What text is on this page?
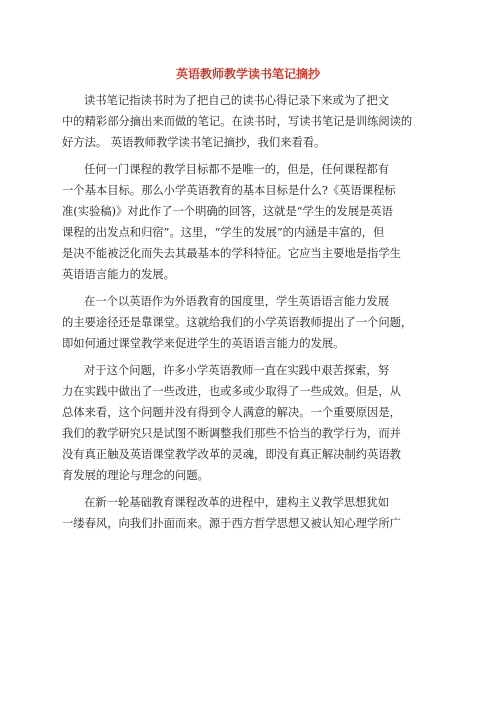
英语教师教学读书笔记摘抄
读书笔记指读书时为了把自己的读书心得记录下来或为了把文
中的精彩部分摘出来而做的笔记。在读书时，写读书笔记是训练阅读的
好方法。 英语教师教学读书笔记摘抄，我们来看看。
任何一门课程的教学目标都不是唯一的，但是，任何课程都有
一个基本目标。那么小学英语教育的基本目标是什么?《英语课程标
准(实验稿)》对此作了一个明确的回答，这就是“学生的发展是英语
课程的出发点和归宿”。这里，“学生的发展”的内涵是丰富的，但
是决不能被泛化而失去其最基本的学科特征。它应当主要地是指学生
英语语言能力的发展。
在一个以英语作为外语教育的国度里，学生英语语言能力发展
的主要途径还是靠课堂。这就给我们的小学英语教师提出了一个问题，
即如何通过课堂教学来促进学生的英语语言能力的发展。
对于这个问题，许多小学英语教师一直在实践中艰苦探索，努
力在实践中做出了一些改进，也或多或少取得了一些成效。但是，从
总体来看，这个问题并没有得到令人满意的解决。一个重要原因是，
我们的教学研究只是试图不断调整我们那些不恰当的教学行为，而并
没有真正触及英语课堂教学改革的灵魂，即没有真正解决制约英语教
育发展的理论与理念的问题。
在新一轮基础教育课程改革的进程中，建构主义教学思想犹如
一缕春风，向我们扑面而来。源于西方哲学思想又被认知心理学所广
